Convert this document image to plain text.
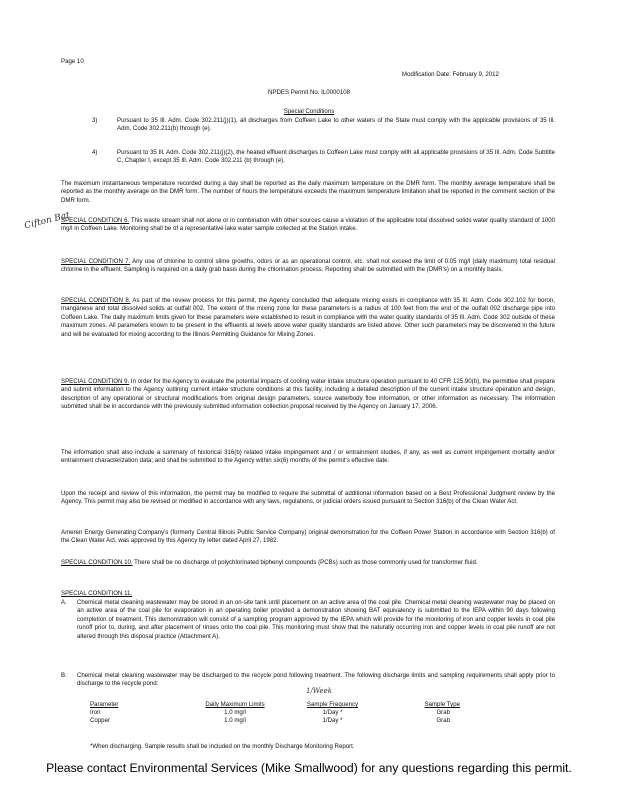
Page 10
Modification Date: February 9, 2012
NPDES Permit No. IL0000108
Special Conditions
3)	Pursuant to 35 Ill. Adm. Code 302.211(j)(1), all discharges from Coffeen Lake to other waters of the State must comply with the applicable provisions of 35 Ill. Adm. Code 302.211(b) through (e).
4)	Pursuant to 35 Ill. Adm. Code 302.211(j)(2), the heated effluent discharges to Coffeen Lake must comply with all applicable provisions of 35 Ill. Adm. Code Subtitle C, Chapter I, except 35 Ill. Adm. Code 302.211 (b) through (e).
The maximum instantaneous temperature recorded during a day shall be reported as the daily maximum temperature on the DMR form. The monthly average temperature shall be reported as the monthly average on the DMR form. The number of hours the temperature exceeds the maximum temperature limitation shall be reported in the comment section of the DMR form.
Cifton Bat
SPECIAL CONDITION 6. This waste stream shall not alone or in combination with other sources cause a violation of the applicable total dissolved solids water quality standard of 1000 mg/l in Coffeen Lake. Monitoring shall be of a representative lake water sample collected at the Station intake.
SPECIAL CONDITION 7. Any use of chlorine to control slime growths, odors or as an operational control, etc. shall not exceed the limit of 0.05 mg/l (daily maximum) total residual chlorine in the effluent. Sampling is required on a daily grab basis during the chlorination process. Reporting shall be submitted with the (DMR's) on a monthly basis.
SPECIAL CONDITION 8. As part of the review process for this permit, the Agency concluded that adequate mixing exists in compliance with 35 Ill. Adm. Code 302.102 for boron, manganese and total dissolved solids at outfall 002. The extent of the mixing zone for these parameters is a radius of 100 feet from the end of the outfall 002 discharge pipe into Coffeen Lake. The daily maximum limits given for these parameters were established to result in compliance with the water quality standards of 35 Ill. Adm. Code 302 outside of these maximum zones. All parameters known to be present in the effluents at levels above water quality standards are listed above. Other such parameters may be discovered in the future and will be evaluated for mixing according to the Illinois Permitting Guidance for Mixing Zones.
SPECIAL CONDITION 9. In order for the Agency to evaluate the potential impacts of cooling water intake structure operation pursuant to 40 CFR 125.90(b), the permittee shall prepare and submit information to the Agency outlining current intake structure conditions at this facility, including a detailed description of the current intake structure operation and design, description of any operational or structural modifications from original design parameters, source waterbody flow information, or other information as necessary. The information submitted shall be in accordance with the previously submitted information collection proposal received by the Agency on January 17, 2006.
The information shall also include a summary of historical 316(b) related intake impingement and / or entrainment studies, if any, as well as current impingement mortality and/or entrainment characterization data; and shall be submitted to the Agency within six(6) months of the permit's effective date.
Upon the receipt and review of this information, the permit may be modified to require the submittal of additional information based on a Best Professional Judgment review by the Agency. This permit may also be revised or modified in accordance with any laws, regulations, or judicial orders issued pursuant to Section 316(b) of the Clean Water Act.
Ameren Energy Generating Company's (formerly Central Illinois Public Service Company) original demonstration for the Coffeen Power Station in accordance with Section 316(b) of the Clean Water Act, was approved by this Agency by letter dated April 27, 1982.
SPECIAL CONDITION 10. There shall be no discharge of polychlorinated biphenyl compounds (PCBs) such as those commonly used for transformer fluid.
SPECIAL CONDITION 11.
A. Chemical metal cleaning wastewater may be stored in an on-site tank until placement on an active area of the coal pile. Chemical metal cleaning wastewater may be placed on an active area of the coal pile for evaporation in an operating boiler provided a demonstration showing BAT equivalency is submitted to the IEPA within 90 days following completion of treatment. This demonstration will consist of a sampling program approved by the IEPA which will provide for the monitoring of iron and copper levels in coal pile runoff prior to, during, and after placement of rinses onto the coal pile. This monitoring must show that the naturally occurring iron and copper levels in coal pile runoff are not altered through this disposal practice (Attachment A).
B. Chemical metal cleaning wastewater may be discharged to the recycle pond following treatment. The following discharge limits and sampling requirements shall apply prior to discharge to the recycle pond:
1/Week
Parameter	Daily Maximum Limits	Sample Frequency	Sample Type
Iron	1.0 mg/l	1/Day *	Grab
Copper	1.0 mg/l	1/Day *	Grab
*When discharging. Sample results shall be included on the monthly Discharge Monitoring Report.
Please contact Environmental Services (Mike Smallwood) for any questions regarding this permit.
